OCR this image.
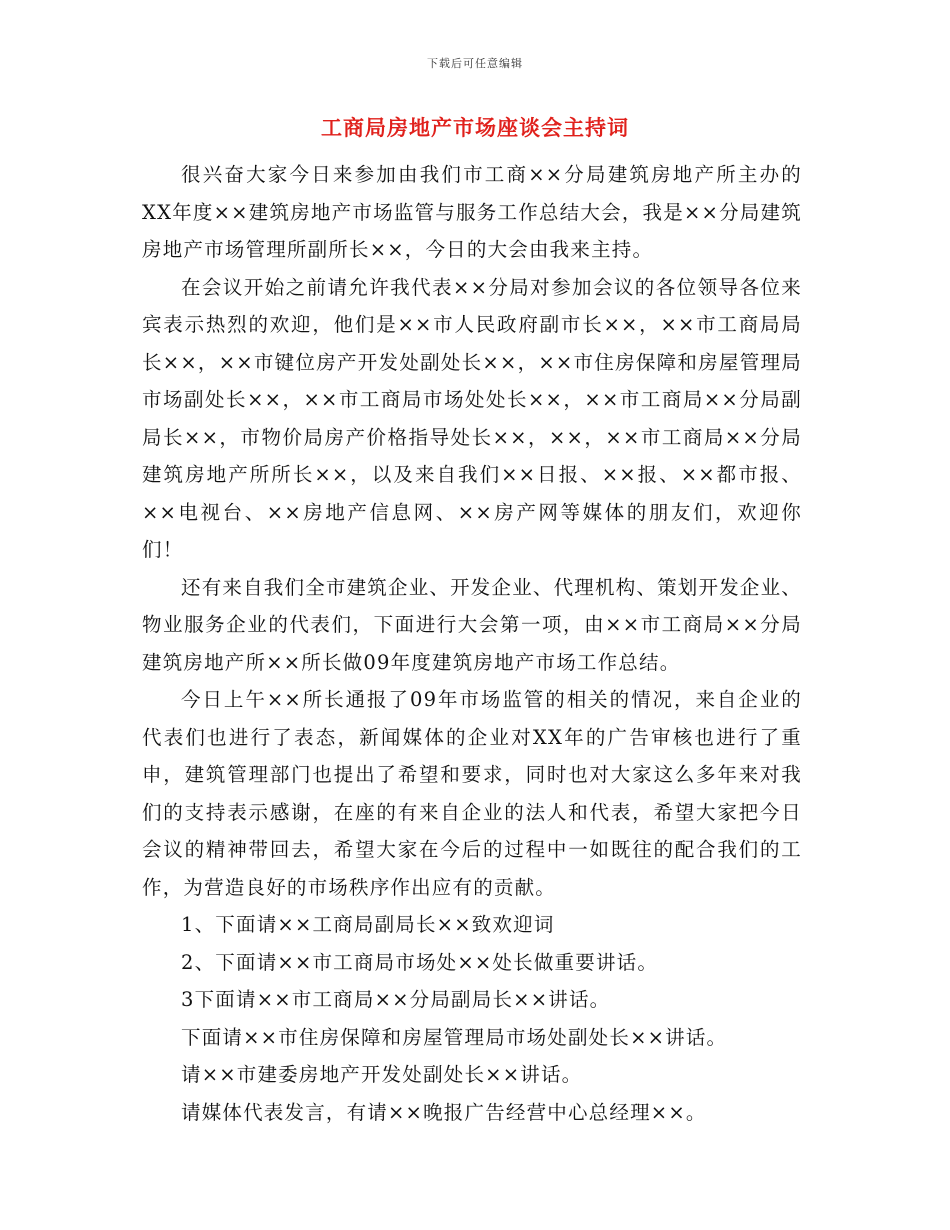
下载后可任意编辑
工商局房地产市场座谈会主持词

很兴奋大家今日来参加由我们市工商××分局建筑房地产所主办的XX年度××建筑房地产市场监管与服务工作总结大会，我是××分局建筑房地产市场管理所副所长××，今日的大会由我来主持。

在会议开始之前请允许我代表××分局对参加会议的各位领导各位来宾表示热烈的欢迎，他们是××市人民政府副市长××，××市工商局局长××，××市键位房产开发处副处长××，××市住房保障和房屋管理局市场副处长××，××市工商局市场处处长××，××市工商局××分局副局长××，市物价局房产价格指导处长××，××，××市工商局××分局建筑房地产所所长××，以及来自我们××日报、××报、××都市报、××电视台、××房地产信息网、××房产网等媒体的朋友们，欢迎你们！

还有来自我们全市建筑企业、开发企业、代理机构、策划开发企业、物业服务企业的代表们，下面进行大会第一项，由××市工商局××分局建筑房地产所××所长做09年度建筑房地产市场工作总结。

今日上午××所长通报了09年市场监管的相关的情况，来自企业的代表们也进行了表态，新闻媒体的企业对XX年的广告审核也进行了重申，建筑管理部门也提出了希望和要求，同时也对大家这么多年来对我们的支持表示感谢，在座的有来自企业的法人和代表，希望大家把今日会议的精神带回去，希望大家在今后的过程中一如既往的配合我们的工作，为营造良好的市场秩序作出应有的贡献。

1、下面请××工商局副局长××致欢迎词

2、下面请××市工商局市场处××处长做重要讲话。

3下面请××市工商局××分局副局长××讲话。

下面请××市住房保障和房屋管理局市场处副处长××讲话。

请××市建委房地产开发处副处长××讲话。

请媒体代表发言，有请××晚报广告经营中心总经理××。
